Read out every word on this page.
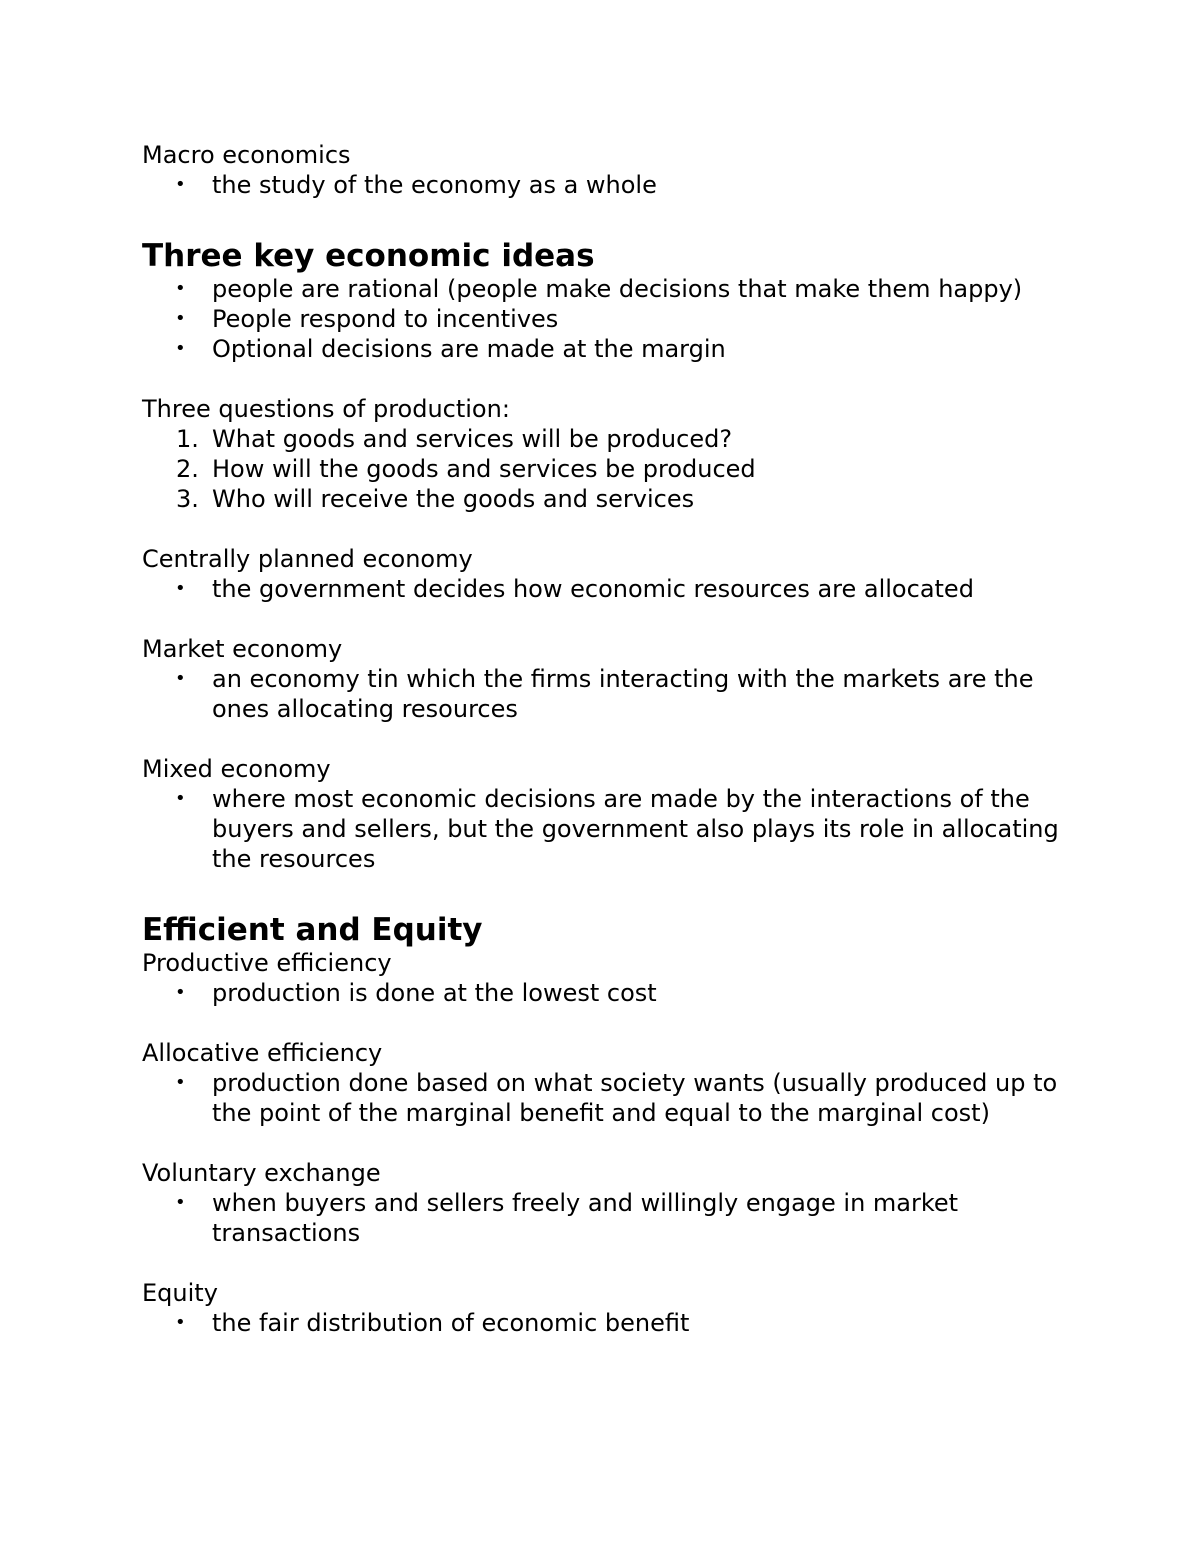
Macro economics

• the study of the economy as a whole
Three key economic ideas
• people are rational (people make decisions that make them happy)
• People respond to incentives
• Optional decisions are made at the margin

Three questions of production:

1. What goods and services will be produced?
2. How will the goods and services be produced
3. Who will receive the goods and services

Centrally planned economy

• the government decides how economic resources are allocated

Market economy

• an economy tin which the firms interacting with the markets are the ones allocating resources

Mixed economy

• where most economic decisions are made by the interactions of the buyers and sellers, but the government also plays its role in allocating the resources
Efficient and Equity

Productive efficiency

• production is done at the lowest cost

Allocative efficiency

• production done based on what society wants (usually produced up to the point of the marginal benefit and equal to the marginal cost)

Voluntary exchange

• when buyers and sellers freely and willingly engage in market transactions

Equity

• the fair distribution of economic benefit
